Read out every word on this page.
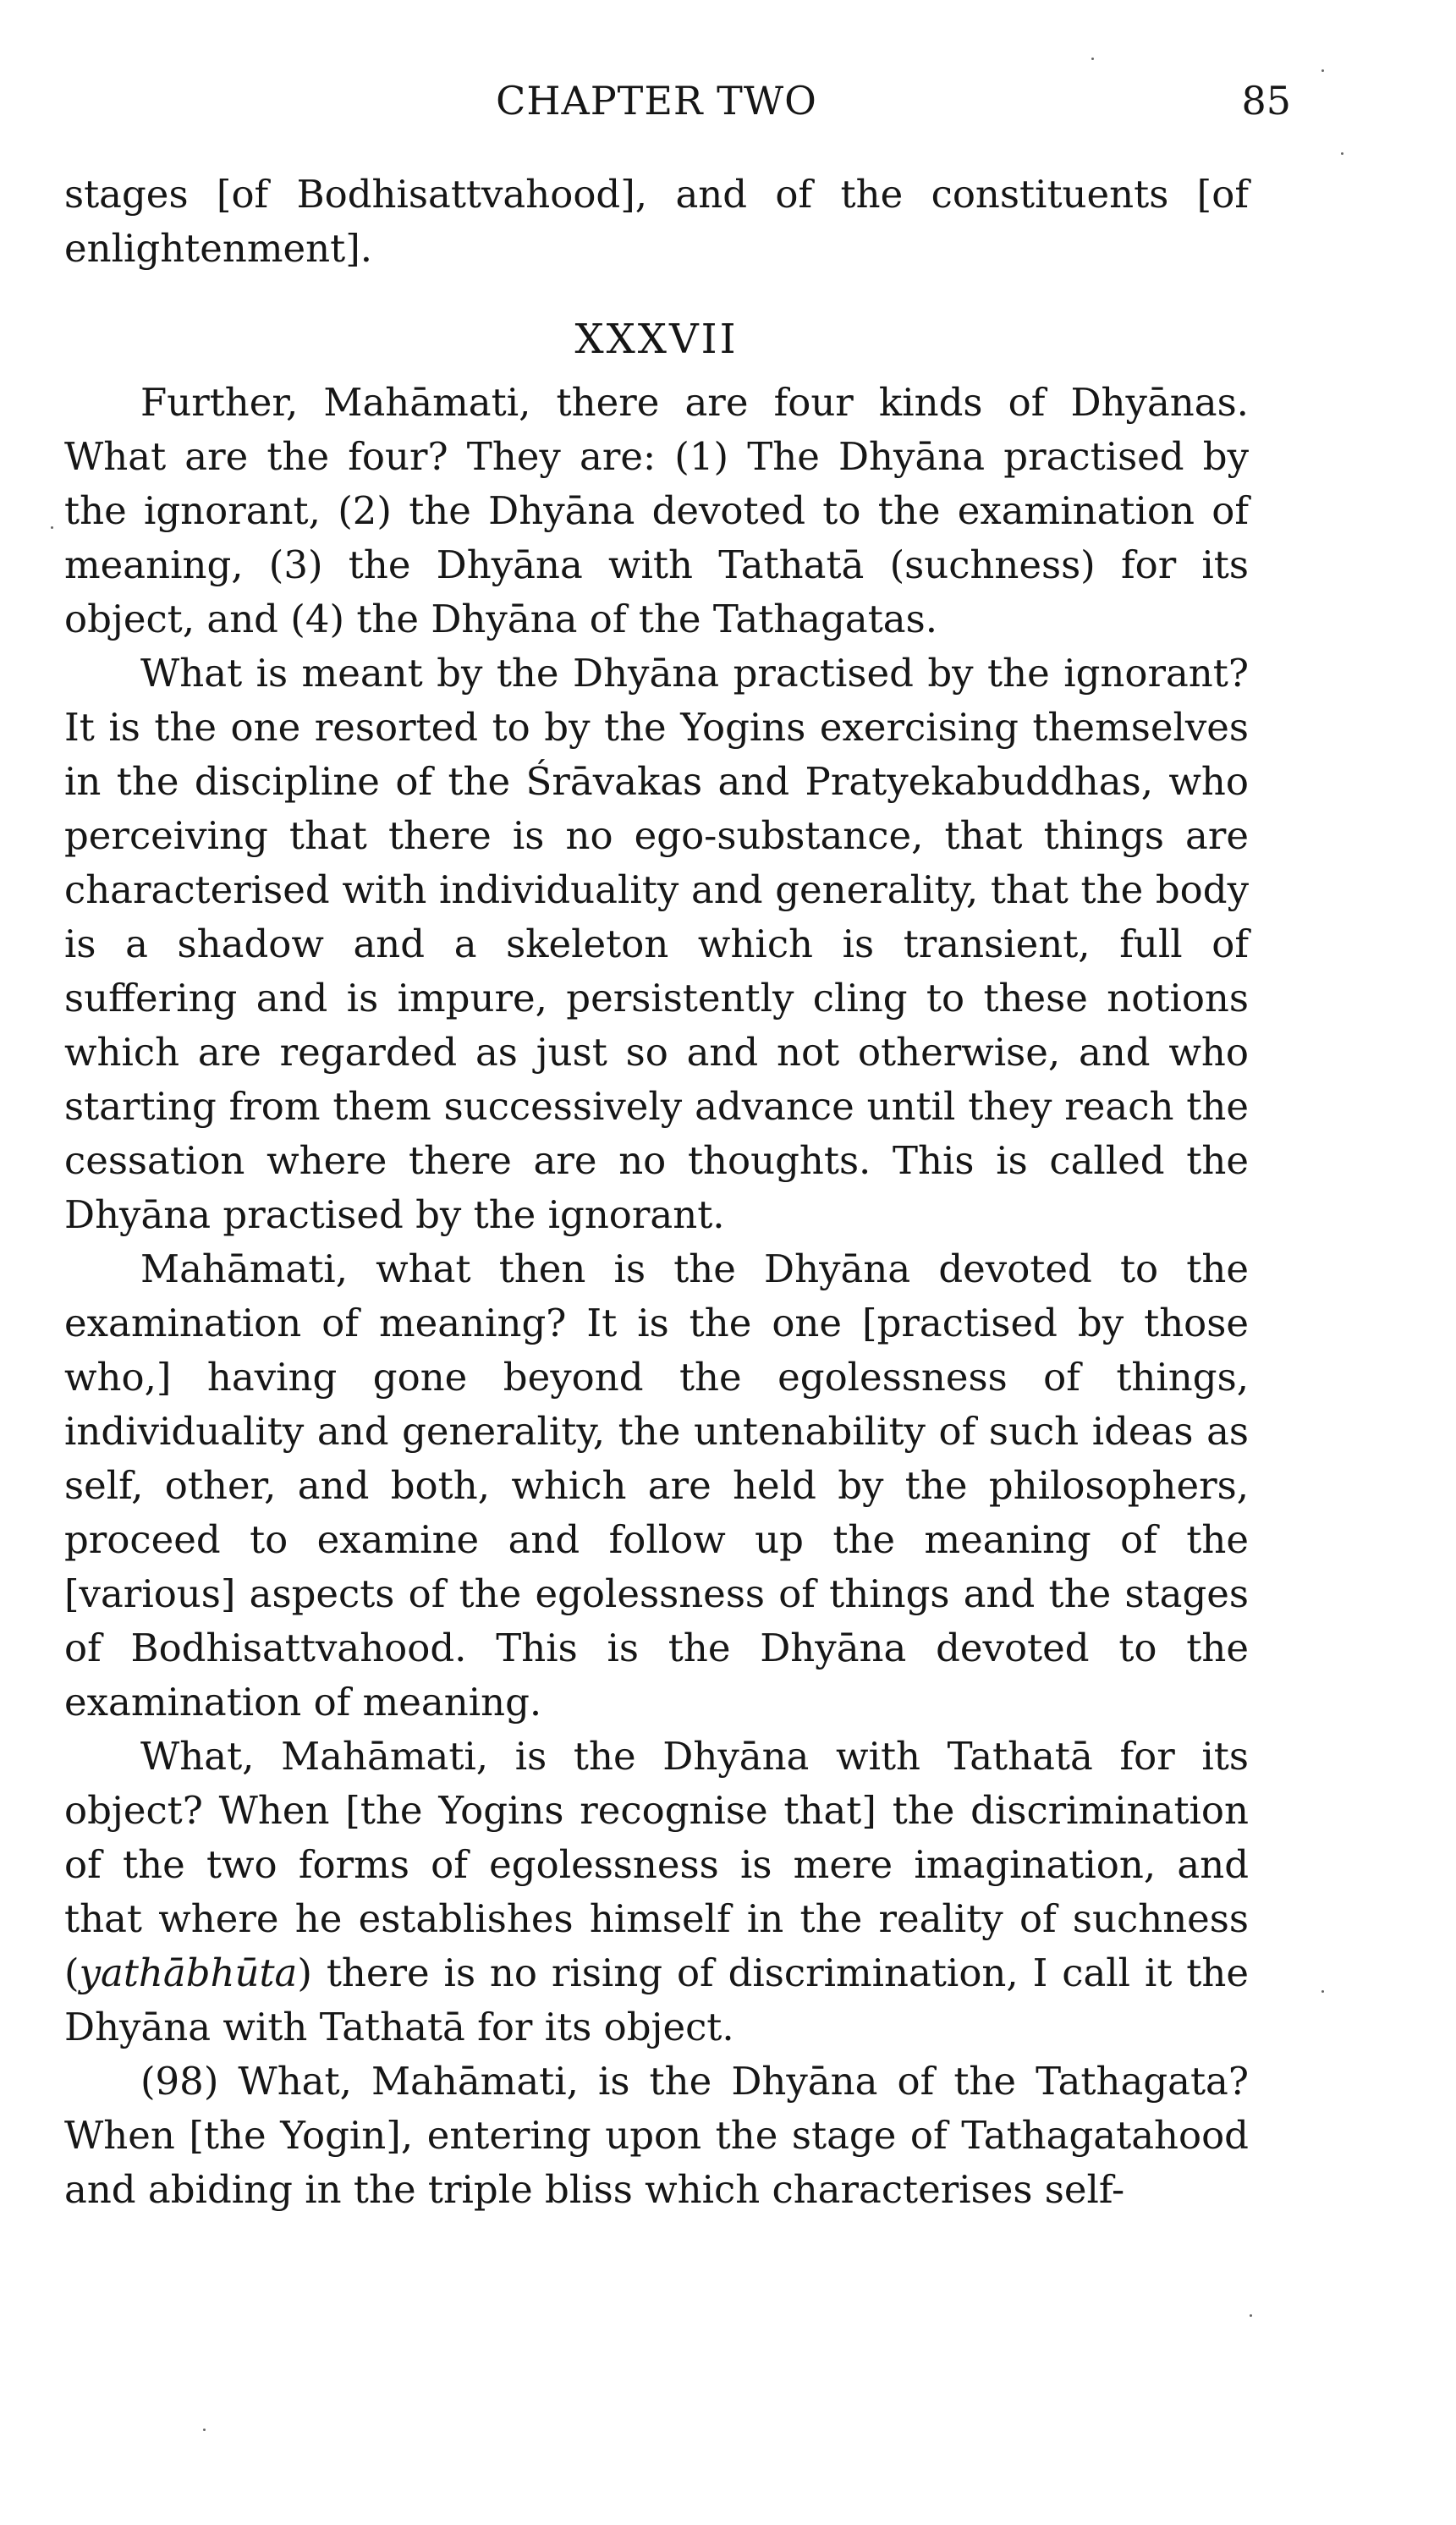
CHAPTER TWO	85

stages [of Bodhisattvahood], and of the constituents [of enlightenment].

XXXVII

Further, Mahāmati, there are four kinds of Dhyānas. What are the four? They are: (1) The Dhyāna practised by the ignorant, (2) the Dhyāna devoted to the examination of meaning, (3) the Dhyāna with Tathatā (suchness) for its object, and (4) the Dhyāna of the Tathagatas.

What is meant by the Dhyāna practised by the ignorant? It is the one resorted to by the Yogins exercising themselves in the discipline of the Śrāvakas and Pratyekabuddhas, who perceiving that there is no ego-substance, that things are characterised with individuality and generality, that the body is a shadow and a skeleton which is transient, full of suffering and is impure, persistently cling to these notions which are regarded as just so and not otherwise, and who starting from them successively advance until they reach the cessation where there are no thoughts. This is called the Dhyāna practised by the ignorant.

Mahāmati, what then is the Dhyāna devoted to the examination of meaning? It is the one [practised by those who,] having gone beyond the egolessness of things, individuality and generality, the untenability of such ideas as self, other, and both, which are held by the philosophers, proceed to examine and follow up the meaning of the [various] aspects of the egolessness of things and the stages of Bodhisattvahood. This is the Dhyāna devoted to the examination of meaning.

What, Mahāmati, is the Dhyāna with Tathatā for its object? When [the Yogins recognise that] the discrimination of the two forms of egolessness is mere imagination, and that where he establishes himself in the reality of suchness (yathābhūta) there is no rising of discrimination, I call it the Dhyāna with Tathatā for its object.

(98) What, Mahāmati, is the Dhyāna of the Tathagata? When [the Yogin], entering upon the stage of Tathagatahood and abiding in the triple bliss which characterises self-
